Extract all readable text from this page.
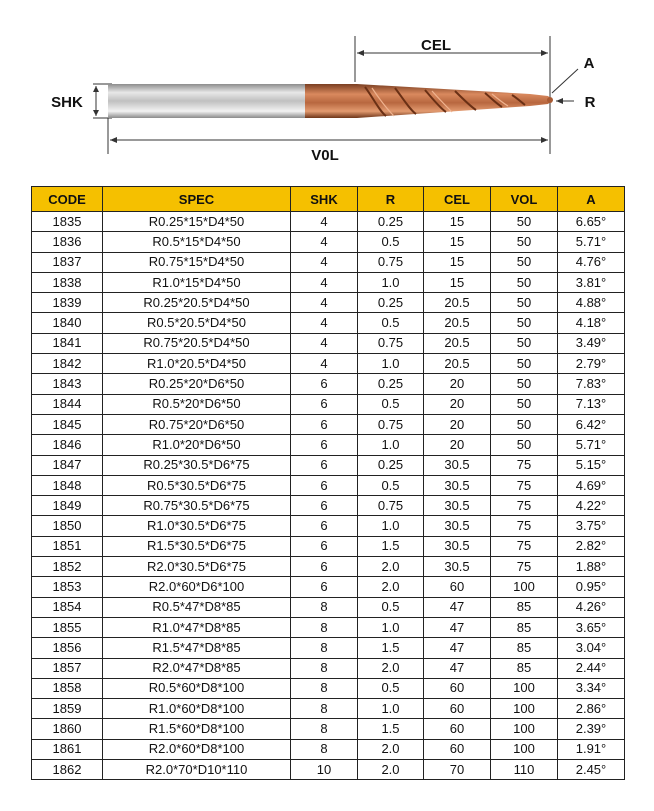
CEL
SHK
A
R
V0L
CODE	SPEC	SHK	R	CEL	VOL	A
1835	R0.25*15*D4*50	4	0.25	15	50	6.65°
1836	R0.5*15*D4*50	4	0.5	15	50	5.71°
1837	R0.75*15*D4*50	4	0.75	15	50	4.76°
1838	R1.0*15*D4*50	4	1.0	15	50	3.81°
1839	R0.25*20.5*D4*50	4	0.25	20.5	50	4.88°
1840	R0.5*20.5*D4*50	4	0.5	20.5	50	4.18°
1841	R0.75*20.5*D4*50	4	0.75	20.5	50	3.49°
1842	R1.0*20.5*D4*50	4	1.0	20.5	50	2.79°
1843	R0.25*20*D6*50	6	0.25	20	50	7.83°
1844	R0.5*20*D6*50	6	0.5	20	50	7.13°
1845	R0.75*20*D6*50	6	0.75	20	50	6.42°
1846	R1.0*20*D6*50	6	1.0	20	50	5.71°
1847	R0.25*30.5*D6*75	6	0.25	30.5	75	5.15°
1848	R0.5*30.5*D6*75	6	0.5	30.5	75	4.69°
1849	R0.75*30.5*D6*75	6	0.75	30.5	75	4.22°
1850	R1.0*30.5*D6*75	6	1.0	30.5	75	3.75°
1851	R1.5*30.5*D6*75	6	1.5	30.5	75	2.82°
1852	R2.0*30.5*D6*75	6	2.0	30.5	75	1.88°
1853	R2.0*60*D6*100	6	2.0	60	100	0.95°
1854	R0.5*47*D8*85	8	0.5	47	85	4.26°
1855	R1.0*47*D8*85	8	1.0	47	85	3.65°
1856	R1.5*47*D8*85	8	1.5	47	85	3.04°
1857	R2.0*47*D8*85	8	2.0	47	85	2.44°
1858	R0.5*60*D8*100	8	0.5	60	100	3.34°
1859	R1.0*60*D8*100	8	1.0	60	100	2.86°
1860	R1.5*60*D8*100	8	1.5	60	100	2.39°
1861	R2.0*60*D8*100	8	2.0	60	100	1.91°
1862	R2.0*70*D10*110	10	2.0	70	110	2.45°
